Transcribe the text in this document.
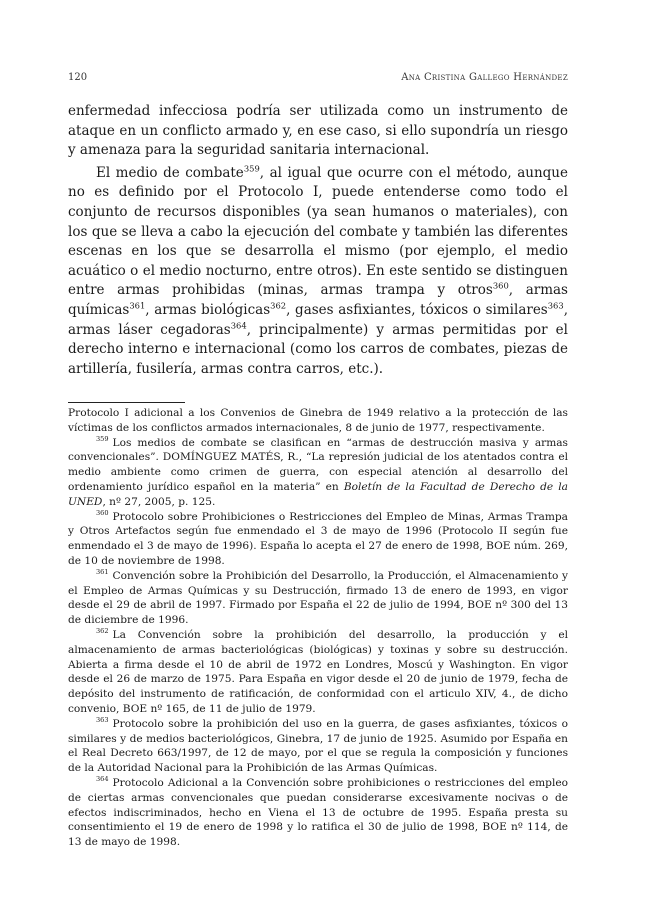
120	Ana Cristina Gallego Hernández

enfermedad infecciosa podría ser utilizada como un instrumento de ataque en un conflicto armado y, en ese caso, si ello supondría un riesgo y amenaza para la seguridad sanitaria internacional.

El medio de combate$^{359}$, al igual que ocurre con el método, aunque no es definido por el Protocolo I, puede entenderse como todo el conjunto de recursos disponibles (ya sean humanos o materiales), con los que se lleva a cabo la ejecución del combate y también las diferentes escenas en los que se desarrolla el mismo (por ejemplo, el medio acuático o el medio nocturno, entre otros). En este sentido se distinguen entre armas prohibidas (minas, armas trampa y otros$^{360}$, armas químicas$^{361}$, armas biológicas$^{362}$, gases asfixiantes, tóxicos o similares$^{363}$, armas láser cegadoras$^{364}$, principalmente) y armas permitidas por el derecho interno e internacional (como los carros de combates, piezas de artillería, fusilería, armas contra carros, etc.).

Protocolo I adicional a los Convenios de Ginebra de 1949 relativo a la protección de las víctimas de los conflictos armados internacionales, 8 de junio de 1977, respectivamente.

$^{359}$ Los medios de combate se clasifican en “armas de destrucción masiva y armas convencionales”. DOMÍNGUEZ MATÉS, R., “La represión judicial de los atentados contra el medio ambiente como crimen de guerra, con especial atención al desarrollo del ordenamiento jurídico español en la materia” en Boletín de la Facultad de Derecho de la UNED, nº 27, 2005, p. 125.

$^{360}$ Protocolo sobre Prohibiciones o Restricciones del Empleo de Minas, Armas Trampa y Otros Artefactos según fue enmendado el 3 de mayo de 1996 (Protocolo II según fue enmendado el 3 de mayo de 1996). España lo acepta el 27 de enero de 1998, BOE núm. 269, de 10 de noviembre de 1998.

$^{361}$ Convención sobre la Prohibición del Desarrollo, la Producción, el Almacenamiento y el Empleo de Armas Químicas y su Destrucción, firmado 13 de enero de 1993, en vigor desde el 29 de abril de 1997. Firmado por España el 22 de julio de 1994, BOE nº 300 del 13 de diciembre de 1996.

$^{362}$ La Convención sobre la prohibición del desarrollo, la producción y el almacenamiento de armas bacteriológicas (biológicas) y toxinas y sobre su destrucción. Abierta a firma desde el 10 de abril de 1972 en Londres, Moscú y Washington. En vigor desde el 26 de marzo de 1975. Para España en vigor desde el 20 de junio de 1979, fecha de depósito del instrumento de ratificación, de conformidad con el articulo XIV, 4., de dicho convenio, BOE nº 165, de 11 de julio de 1979.

$^{363}$ Protocolo sobre la prohibición del uso en la guerra, de gases asfixiantes, tóxicos o similares y de medios bacteriológicos, Ginebra, 17 de junio de 1925. Asumido por España en el Real Decreto 663/1997, de 12 de mayo, por el que se regula la composición y funciones de la Autoridad Nacional para la Prohibición de las Armas Químicas.

$^{364}$ Protocolo Adicional a la Convención sobre prohibiciones o restricciones del empleo de ciertas armas convencionales que puedan considerarse excesivamente nocivas o de efectos indiscriminados, hecho en Viena el 13 de octubre de 1995. España presta su consentimiento el 19 de enero de 1998 y lo ratifica el 30 de julio de 1998, BOE nº 114, de 13 de mayo de 1998.
